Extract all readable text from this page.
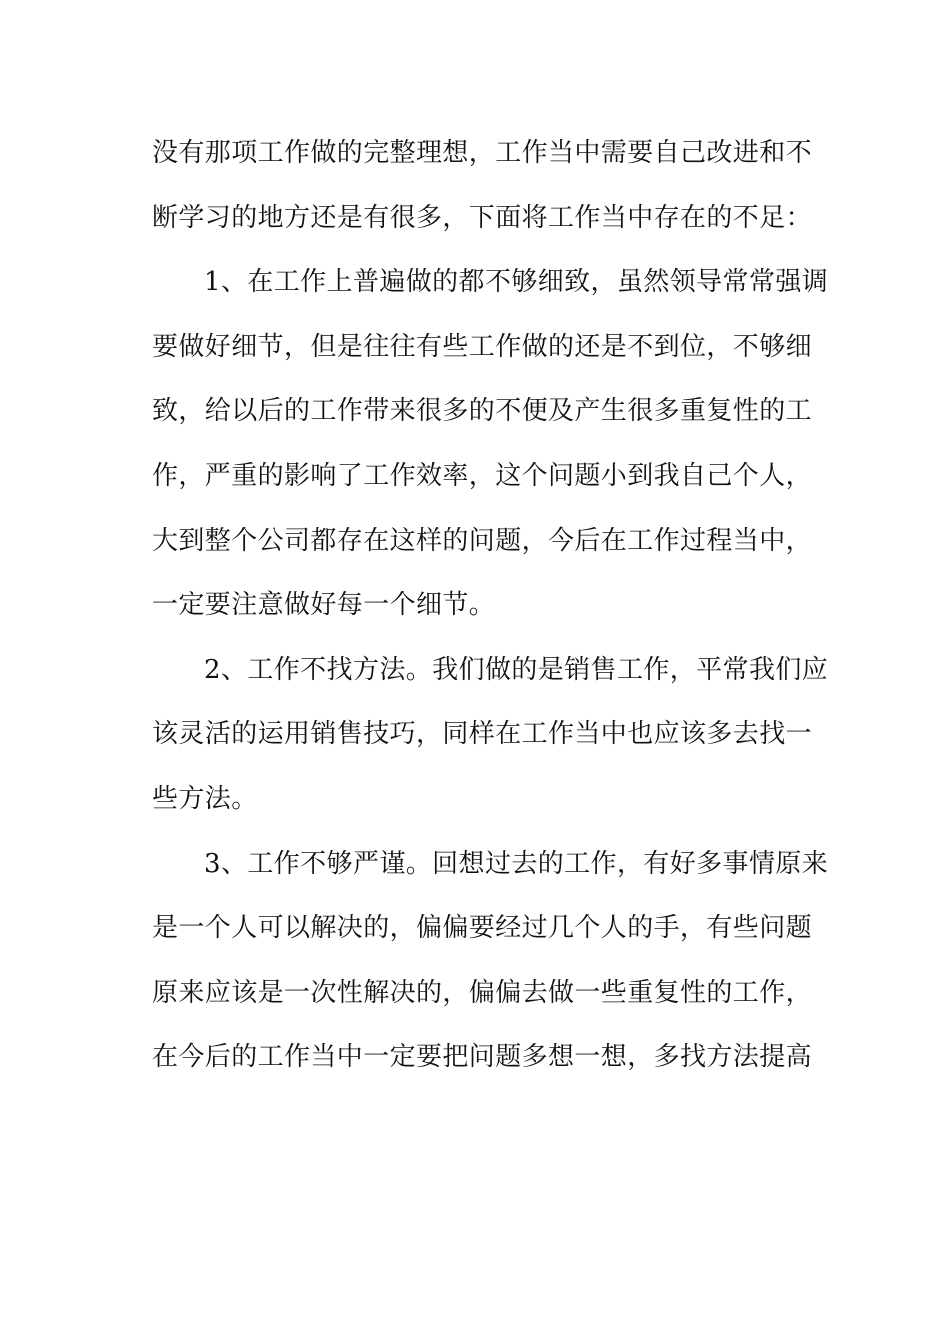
没有那项工作做的完整理想，工作当中需要自己改进和不
断学习的地方还是有很多，下面将工作当中存在的不足：
1、在工作上普遍做的都不够细致，虽然领导常常强调
要做好细节，但是往往有些工作做的还是不到位，不够细
致，给以后的工作带来很多的不便及产生很多重复性的工
作，严重的影响了工作效率，这个问题小到我自己个人，
大到整个公司都存在这样的问题，今后在工作过程当中，
一定要注意做好每一个细节。
2、工作不找方法。我们做的是销售工作，平常我们应
该灵活的运用销售技巧，同样在工作当中也应该多去找一
些方法。
3、工作不够严谨。回想过去的工作，有好多事情原来
是一个人可以解决的，偏偏要经过几个人的手，有些问题
原来应该是一次性解决的，偏偏去做一些重复性的工作，
在今后的工作当中一定要把问题多想一想，多找方法提高
